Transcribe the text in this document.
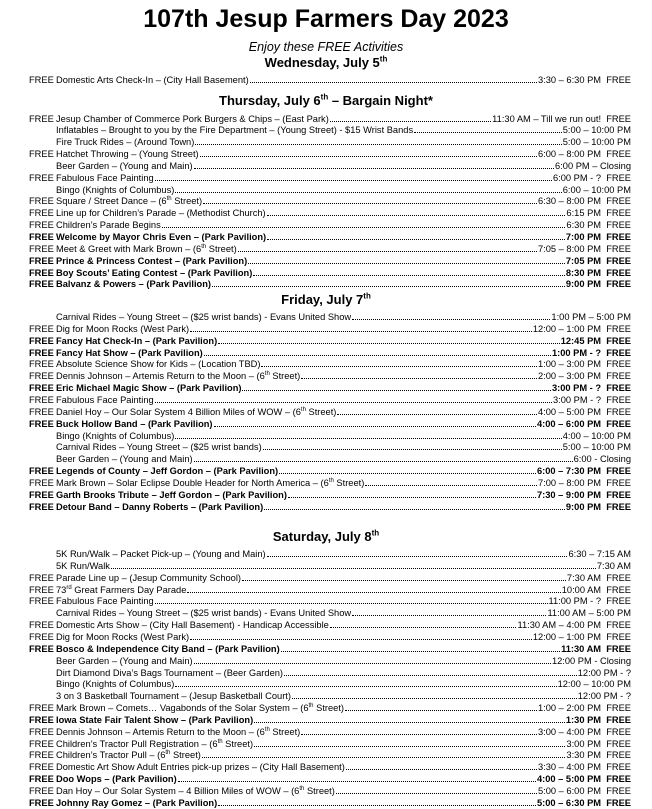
107th Jesup Farmers Day 2023
Enjoy these FREE Activities
Wednesday, July 5th
FREE Domestic Arts Check-In – (City Hall Basement)	3:30 – 6:30 PM  FREE
Thursday, July 6th – Bargain Night*
FREE Jesup Chamber of Commerce Pork Burgers & Chips – (East Park)	11:30 AM – Till we run out!  FREE
Inflatables – Brought to you by the Fire Department – (Young Street) - $15 Wrist Bands	5:00 – 10:00 PM
Fire Truck Rides – (Around Town)	5:00 – 10:00 PM
FREE Hatchet Throwing – (Young Street)	6:00 – 8:00 PM  FREE
Beer Garden – (Young and Main)	6:00 PM – Closing
FREE Fabulous Face Painting	6:00 PM - ?  FREE
Bingo (Knights of Columbus)	6:00 – 10:00 PM
FREE Square / Street Dance – (6th Street)	6:30 – 8:00 PM  FREE
FREE Line up for Children’s Parade – (Methodist Church)	6:15 PM  FREE
FREE Children’s Parade Begins	6:30 PM  FREE
FREE Welcome by Mayor Chris Even – (Park Pavilion)	7:00 PM  FREE
FREE Meet & Greet with Mark Brown – (6th Street)	7:05 – 8:00 PM  FREE
FREE Prince & Princess Contest – (Park Pavilion)	7:05 PM  FREE
FREE Boy Scouts’ Eating Contest – (Park Pavilion)	8:30 PM  FREE
FREE Balvanz & Powers – (Park Pavilion)	9:00 PM  FREE
Friday, July 7th
Carnival Rides – Young Street – ($25 wrist bands) - Evans United Show	1:00 PM – 5:00 PM
FREE Dig for Moon Rocks (West Park)	12:00 – 1:00 PM  FREE
FREE Fancy Hat Check-In – (Park Pavilion)	12:45 PM  FREE
FREE Fancy Hat Show – (Park Pavilion)	1:00 PM - ?  FREE
FREE Absolute Science Show for Kids – (Location TBD)	1:00 – 3:00 PM  FREE
FREE Dennis Johnson – Artemis Return to the Moon – (6th Street)	2:00 – 3:00 PM  FREE
FREE Eric Michael Magic Show – (Park Pavilion)	3:00 PM - ?  FREE
FREE Fabulous Face Painting	3:00 PM - ?  FREE
FREE Daniel Hoy – Our Solar System 4 Billion Miles of WOW – (6th Street)	4:00 – 5:00 PM  FREE
FREE Buck Hollow Band – (Park Pavilion)	4:00 – 6:00 PM  FREE
Bingo (Knights of Columbus)	4:00 – 10:00 PM
Carnival Rides – Young Street – ($25 wrist bands)	5:00 – 10:00 PM
Beer Garden – (Young and Main)	6:00 - Closing
FREE Legends of County – Jeff Gordon – (Park Pavilion)	6:00 – 7:30 PM  FREE
FREE Mark Brown – Solar Eclipse Double Header for North America – (6th Street)	7:00 – 8:00 PM  FREE
FREE Garth Brooks Tribute – Jeff Gordon – (Park Pavilion)	7:30 – 9:00 PM  FREE
FREE Detour Band – Danny Roberts – (Park Pavilion)	9:00 PM  FREE
Saturday, July 8th
5K Run/Walk – Packet Pick-up – (Young and Main)	6:30 – 7:15 AM
5K Run/Walk	7:30 AM
FREE Parade Line up – (Jesup Community School)	7:30 AM  FREE
FREE 73rd Great Farmers Day Parade	10:00 AM  FREE
FREE Fabulous Face Painting	11:00 PM - ?  FREE
Carnival Rides – Young Street – ($25 wrist bands) - Evans United Show	11:00 AM – 5:00 PM
FREE Domestic Arts Show – (City Hall Basement) - Handicap Accessible	11:30 AM – 4:00 PM  FREE
FREE Dig for Moon Rocks (West Park)	12:00 – 1:00 PM  FREE
FREE Bosco & Independence City Band – (Park Pavilion)	11:30 AM  FREE
Beer Garden – (Young and Main)	12:00 PM - Closing
Dirt Diamond Diva’s Bags Tournament – (Beer Garden)	12:00 PM - ?
Bingo (Knights of Columbus)	12:00 – 10:00 PM
3 on 3 Basketball Tournament – (Jesup Basketball Court)	12:00 PM - ?
FREE Mark Brown – Comets… Vagabonds of the Solar System – (6th Street)	1:00 – 2:00 PM  FREE
FREE Iowa State Fair Talent Show – (Park Pavilion)	1:30 PM  FREE
FREE Dennis Johnson – Artemis Return to the Moon – (6th Street)	3:00 – 4:00 PM  FREE
FREE Children’s Tractor Pull Registration – (6th Street)	3:00 PM  FREE
FREE Children’s Tractor Pull – (6th Street)	3:30 PM  FREE
FREE Domestic Art Show Adult Entries pick-up prizes – (City Hall Basement)	3:30 – 4:00 PM  FREE
FREE Doo Wops – (Park Pavilion)	4:00 – 5:00 PM  FREE
FREE Dan Hoy – Our Solar System – 4 Billion Miles of WOW – (6th Street)	5:00 – 6:00 PM  FREE
FREE Johnny Ray Gomez – (Park Pavilion)	5:00 – 6:30 PM  FREE
